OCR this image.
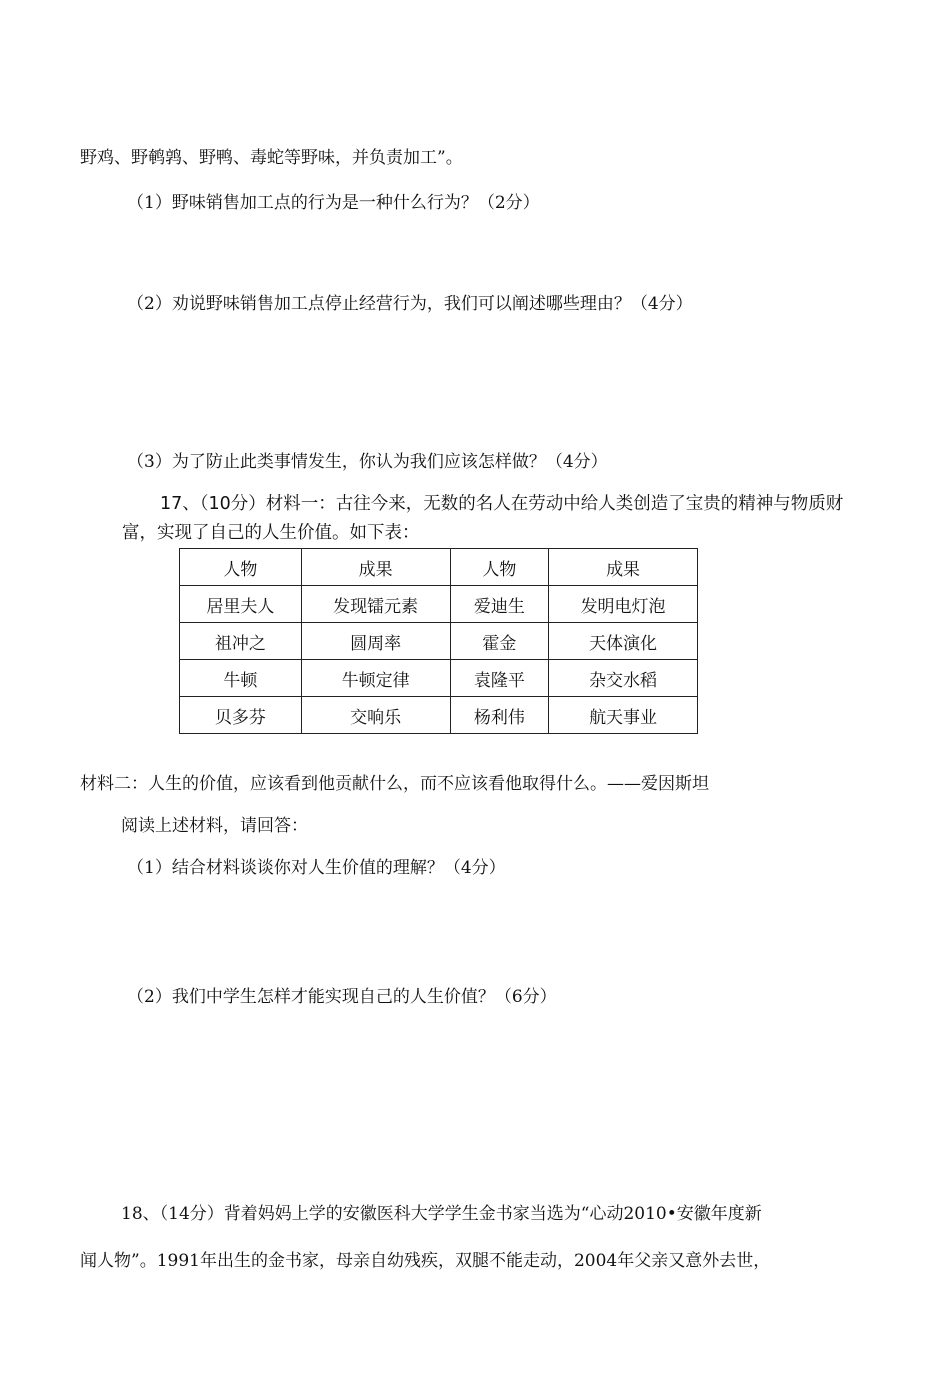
野鸡、野鹌鹑、野鸭、毒蛇等野味，并负责加工”。
（1）野味销售加工点的行为是一种什么行为？（2分）
（2）劝说野味销售加工点停止经营行为，我们可以阐述哪些理由？（4分）
（3）为了防止此类事情发生，你认为我们应该怎样做？（4分）
17、（10分）材料一：古往今来，无数的名人在劳动中给人类创造了宝贵的精神与物质财
富，实现了自己的人生价值。如下表：
人物	成果	人物	成果
居里夫人	发现镭元素	爱迪生	发明电灯泡
祖冲之	圆周率	霍金	天体演化
牛顿	牛顿定律	袁隆平	杂交水稻
贝多芬	交响乐	杨利伟	航天事业
材料二：人生的价值，应该看到他贡献什么，而不应该看他取得什么。——爱因斯坦
阅读上述材料，请回答：
（1）结合材料谈谈你对人生价值的理解？（4分）
（2）我们中学生怎样才能实现自己的人生价值？（6分）
18、（14分）背着妈妈上学的安徽医科大学学生金书家当选为“心动2010•安徽年度新
闻人物”。1991年出生的金书家，母亲自幼残疾，双腿不能走动，2004年父亲又意外去世，
